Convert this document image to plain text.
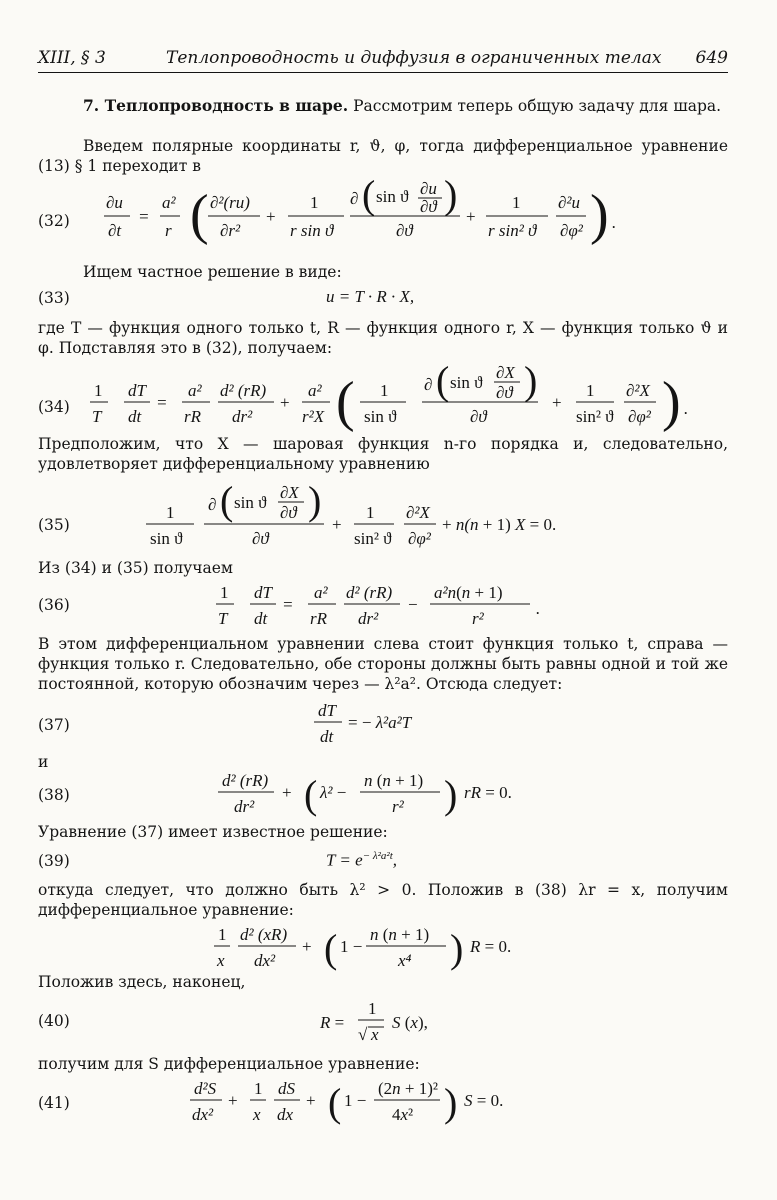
XIII, § 3	Теплопроводность и диффузия в ограниченных телах 649
7. Теплопроводность в шаре. Рассмотрим теперь общую задачу для шара.
Введем полярные координаты r, ϑ, φ, тогда дифференциальное уравнение (13) § 1 переходит в
(32)
∂u
∂t
=
a²
r ( ∂²(ru)
∂r²
+
1
r sin ϑ
∂ ( sin ϑ ∂u
∂ϑ )
∂ϑ
+
1
r sin² ϑ
∂²u
∂φ² ) .
Ищем частное решение в виде:
(33)	u = T · R · X,
где T — функция одного только t, R — функция одного r, X — функция только ϑ и φ. Подставляя это в (32), получаем:
(34)
1
T
dT
dt
=
a²
rR
d² (rR)
dr²
+
a²
r²X ( 1
sin ϑ
∂ ( sin ϑ
∂X
∂ϑ )
∂ϑ
+
1
sin² ϑ
∂²X
∂φ² ) .
Предположим, что X — шаровая функция n-го порядка и, следовательно, удовлетворяет дифференциальному уравнению
(35)
1
sin ϑ
∂ ( sin ϑ
∂X
∂ϑ )
∂ϑ
+
1
sin² ϑ
∂²X
∂φ²
+ n(n + 1) X = 0.
Из (34) и (35) получаем
(36)
1
T
dT
dt
=
a²
rR
d² (rR)
dr²
−
a²n(n + 1)
r²
.
В этом дифференциальном уравнении слева стоит функция только t, справа — функция только r. Следовательно, обе стороны должны быть равны одной и той же постоянной, которую обозначим через — λ²a². Отсюда следует:
(37)
dT
dt
= − λ²a²T
и
(38)
d² (rR)
dr²
+ ( λ² −
n (n + 1)
r² ) rR = 0.
Уравнение (37) имеет известное решение:
(39)	$T = e^{- \lambda^2a^2t}$,
откуда следует, что должно быть λ² > 0. Положив в (38) λr = x, получим дифференциальное уравнение:
1
x
d² (xR)
dx²
+ ( 1 −
n (n + 1)
x⁴ ) R = 0.
Положив здесь, наконец,
(40)	R =
1
√ x
S (x),
получим для S дифференциальное уравнение:
(41)
d²S
dx²
+
1
x
dS
dx
+ ( 1 −
(2n + 1)²
4x² ) S = 0.
